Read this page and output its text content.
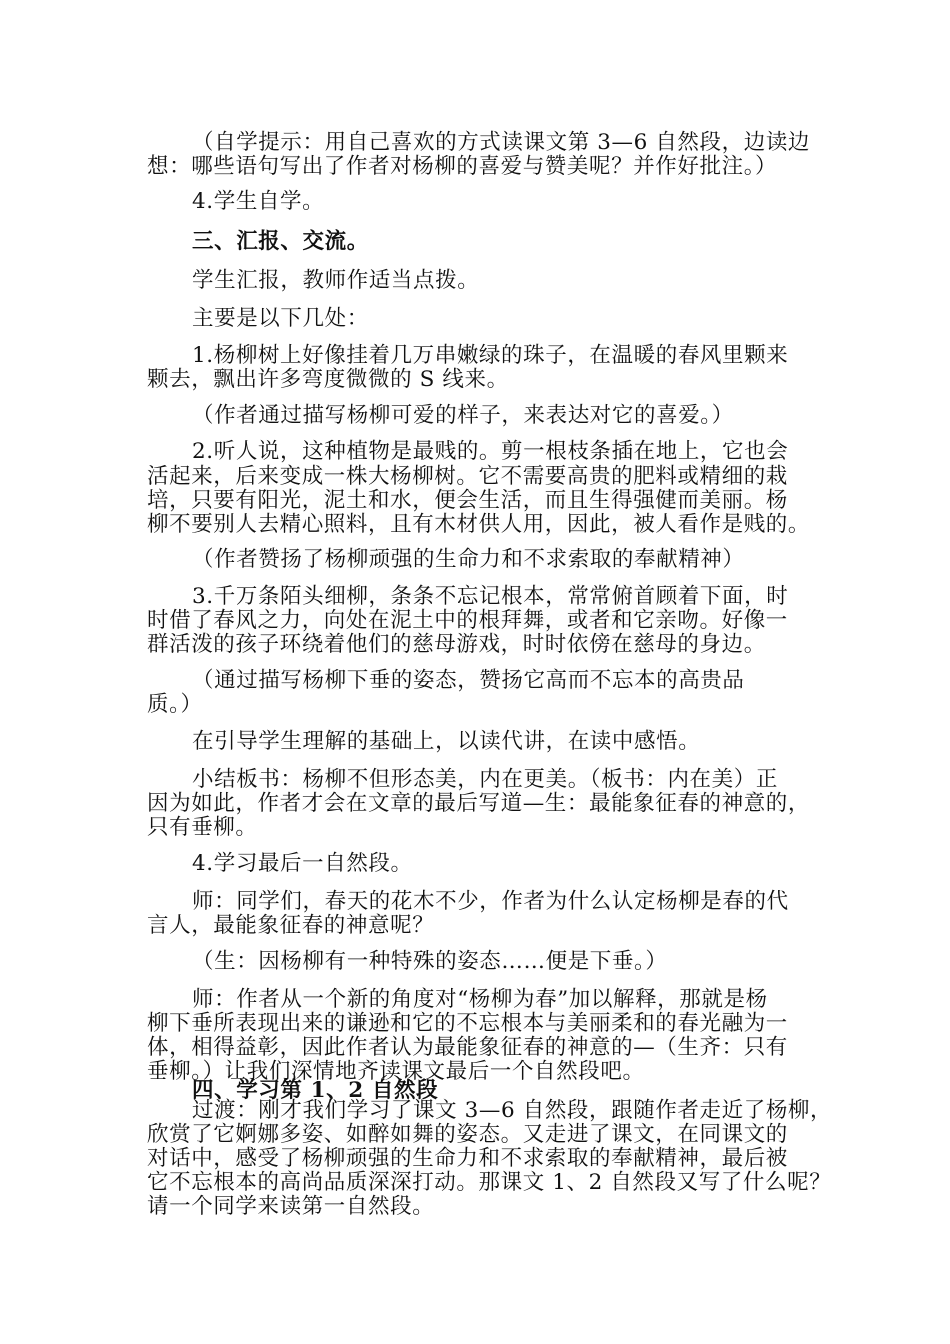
（自学提示：用自己喜欢的方式读课文第 3—6 自然段，边读边
想：哪些语句写出了作者对杨柳的喜爱与赞美呢？并作好批注。）
4.学生自学。
三、汇报、交流。
学生汇报，教师作适当点拨。
主要是以下几处：
1.杨柳树上好像挂着几万串嫩绿的珠子，在温暖的春风里颗来
颗去，飘出许多弯度微微的 S 线来。
（作者通过描写杨柳可爱的样子，来表达对它的喜爱。）
2.听人说，这种植物是最贱的。剪一根枝条插在地上，它也会
活起来，后来变成一株大杨柳树。它不需要高贵的肥料或精细的栽
培，只要有阳光，泥土和水，便会生活，而且生得强健而美丽。杨
柳不要别人去精心照料，且有木材供人用，因此，被人看作是贱的。
（作者赞扬了杨柳顽强的生命力和不求索取的奉献精神）
3.千万条陌头细柳，条条不忘记根本，常常俯首顾着下面，时
时借了春风之力，向处在泥土中的根拜舞，或者和它亲吻。好像一
群活泼的孩子环绕着他们的慈母游戏，时时依傍在慈母的身边。
（通过描写杨柳下垂的姿态，赞扬它高而不忘本的高贵品
质。）
在引导学生理解的基础上，以读代讲，在读中感悟。
小结板书：杨柳不但形态美，内在更美。（板书：内在美）正
因为如此，作者才会在文章的最后写道—生：最能象征春的神意的，
只有垂柳。
4.学习最后一自然段。
师：同学们，春天的花木不少，作者为什么认定杨柳是春的代
言人，最能象征春的神意呢？
（生：因杨柳有一种特殊的姿态……便是下垂。）
师：作者从一个新的角度对“杨柳为春”加以解释，那就是杨
柳下垂所表现出来的谦逊和它的不忘根本与美丽柔和的春光融为一
体，相得益彰，因此作者认为最能象征春的神意的—（生齐：只有
垂柳。）让我们深情地齐读课文最后一个自然段吧。
四、学习第 1、2 自然段
过渡：刚才我们学习了课文 3—6 自然段，跟随作者走近了杨柳，
欣赏了它婀娜多姿、如醉如舞的姿态。又走进了课文，在同课文的
对话中，感受了杨柳顽强的生命力和不求索取的奉献精神，最后被
它不忘根本的高尚品质深深打动。那课文 1、2 自然段又写了什么呢？
请一个同学来读第一自然段。
